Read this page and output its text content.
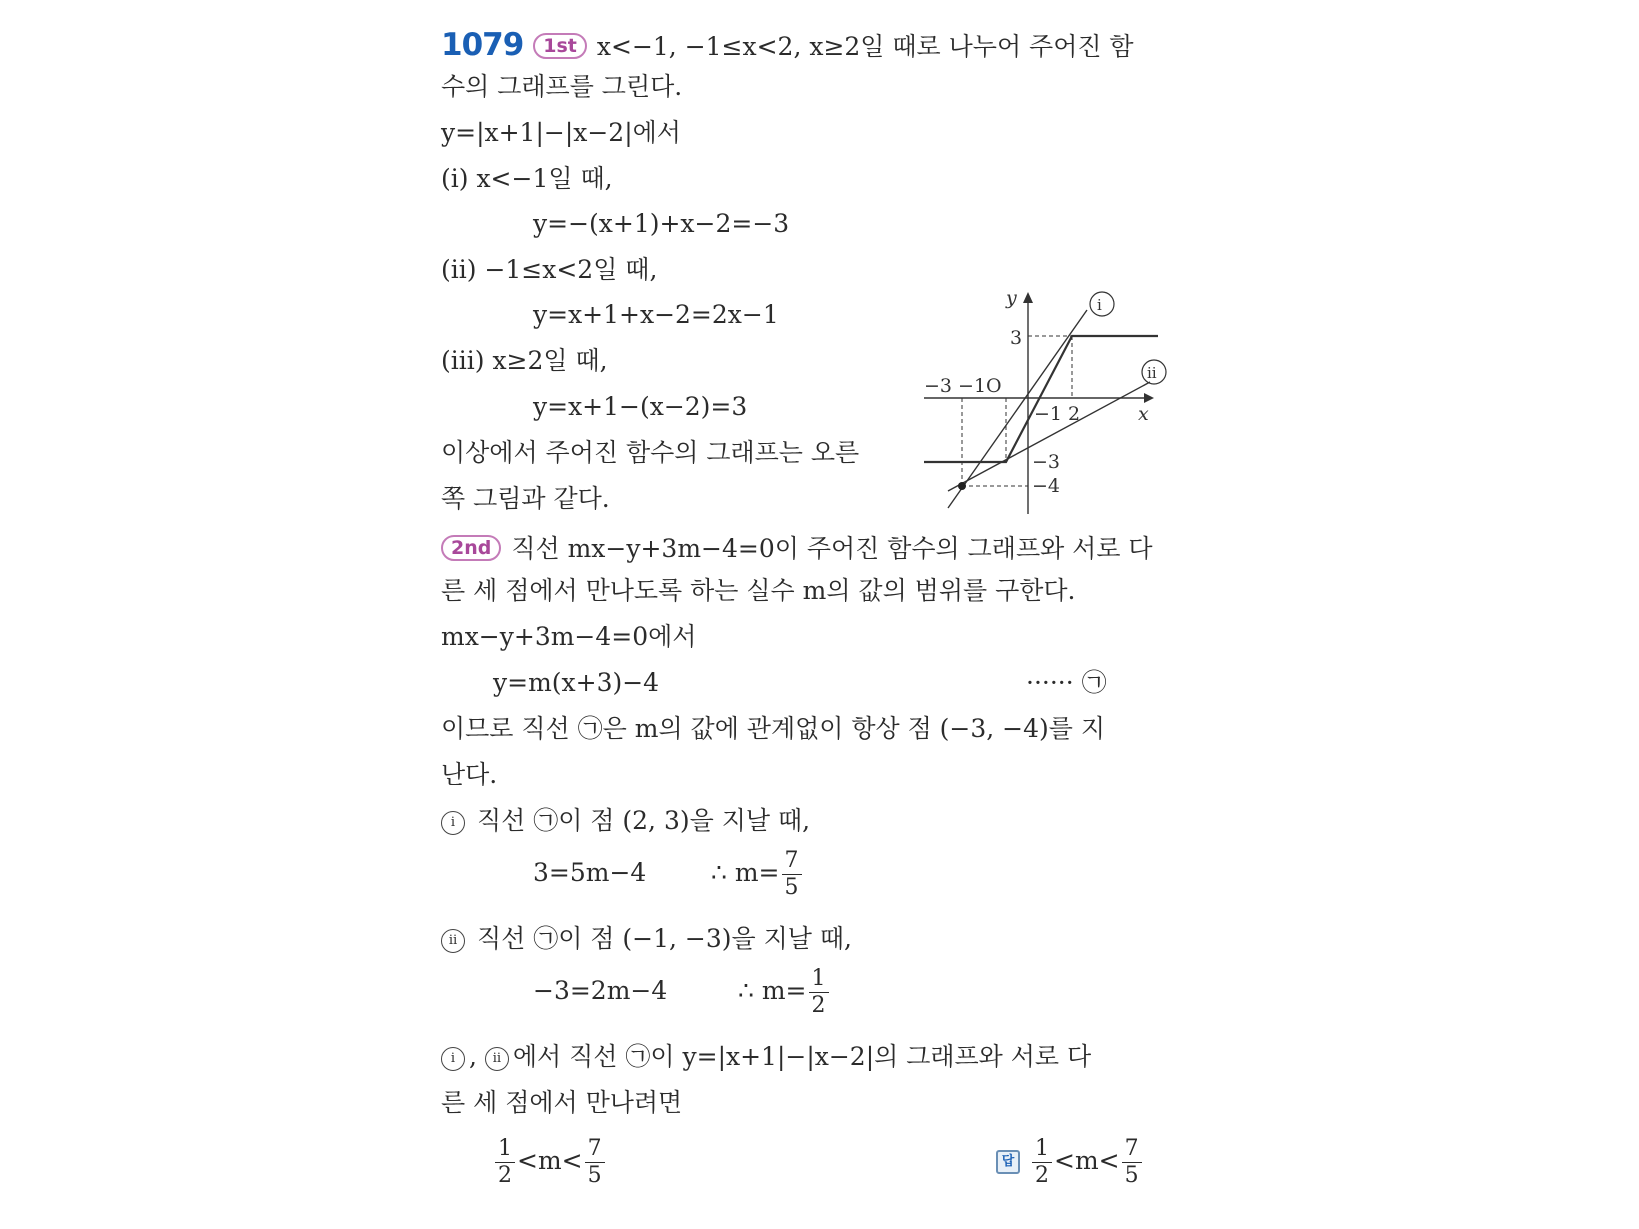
1079 1st x<−1, −1≤x<2, x≥2일 때로 나누어 주어진 함
수의 그래프를 그린다.
y=|x+1|−|x−2|에서
(ⅰ) x<−1일 때,
y=−(x+1)+x−2=−3
(ⅱ) −1≤x<2일 때,
y=x+1+x−2=2x−1
(ⅲ) x≥2일 때,
y=x+1−(x−2)=3
이상에서 주어진 함수의 그래프는 오른
쪽 그림과 같다.
y
x
3
−3 −1O
−1 2
−3
−4
ⅰ
ⅱ
2nd 직선 mx−y+3m−4=0이 주어진 함수의 그래프와 서로 다
른 세 점에서 만나도록 하는 실수 m의 값의 범위를 구한다.
mx−y+3m−4=0에서
y=m(x+3)−4	······ ㉠
이므로 직선 ㉠은 m의 값에 관계없이 항상 점 (−3, −4)를 지
난다.
ⅰ 직선 ㉠이 점 (2, 3)을 지날 때,
3=5m−4	∴ $m= \frac{7}{5}$
ⅱ 직선 ㉠이 점 (−1, −3)을 지날 때,
−3=2m−4	∴ $m= \frac{1}{2}$
ⅰ , ⅱ 에서 직선 ㉠이 y=|x+1|−|x−2|의 그래프와 서로 다
른 세 점에서 만나려면
$\frac{1}{2} <m< \frac{7}{5}$	답 $\frac{1}{2} <m< \frac{7}{5}$
